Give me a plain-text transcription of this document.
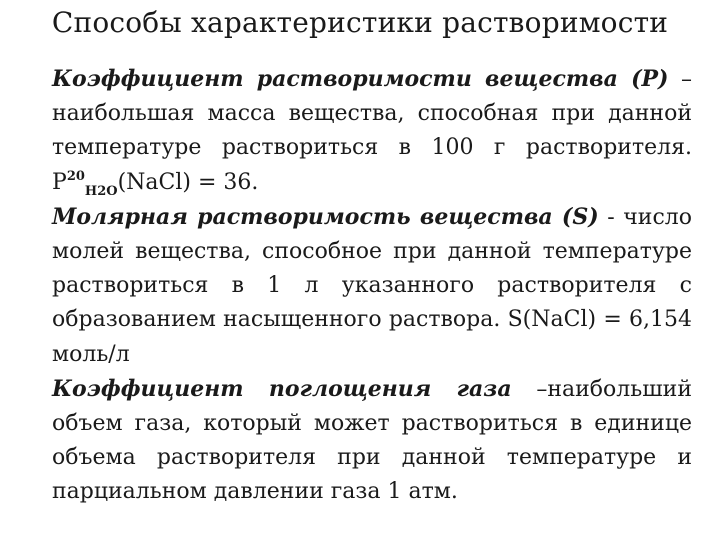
Способы характеристики растворимости

Коэффициент растворимости вещества (P) – наибольшая масса вещества, способная при данной температуре раствориться в 100 г растворителя. $P^{20}_{H2O}(NaCl) = 36$.

Молярная растворимость вещества (S) - число молей вещества, способное при данной температуре раствориться в 1 л указанного растворителя с образованием насыщенного раствора. S(NaCl) = 6,154 моль/л

Коэффициент поглощения газа –наибольший объем газа, который может раствориться в единице объема растворителя при данной температуре и парциальном давлении газа 1 атм.
